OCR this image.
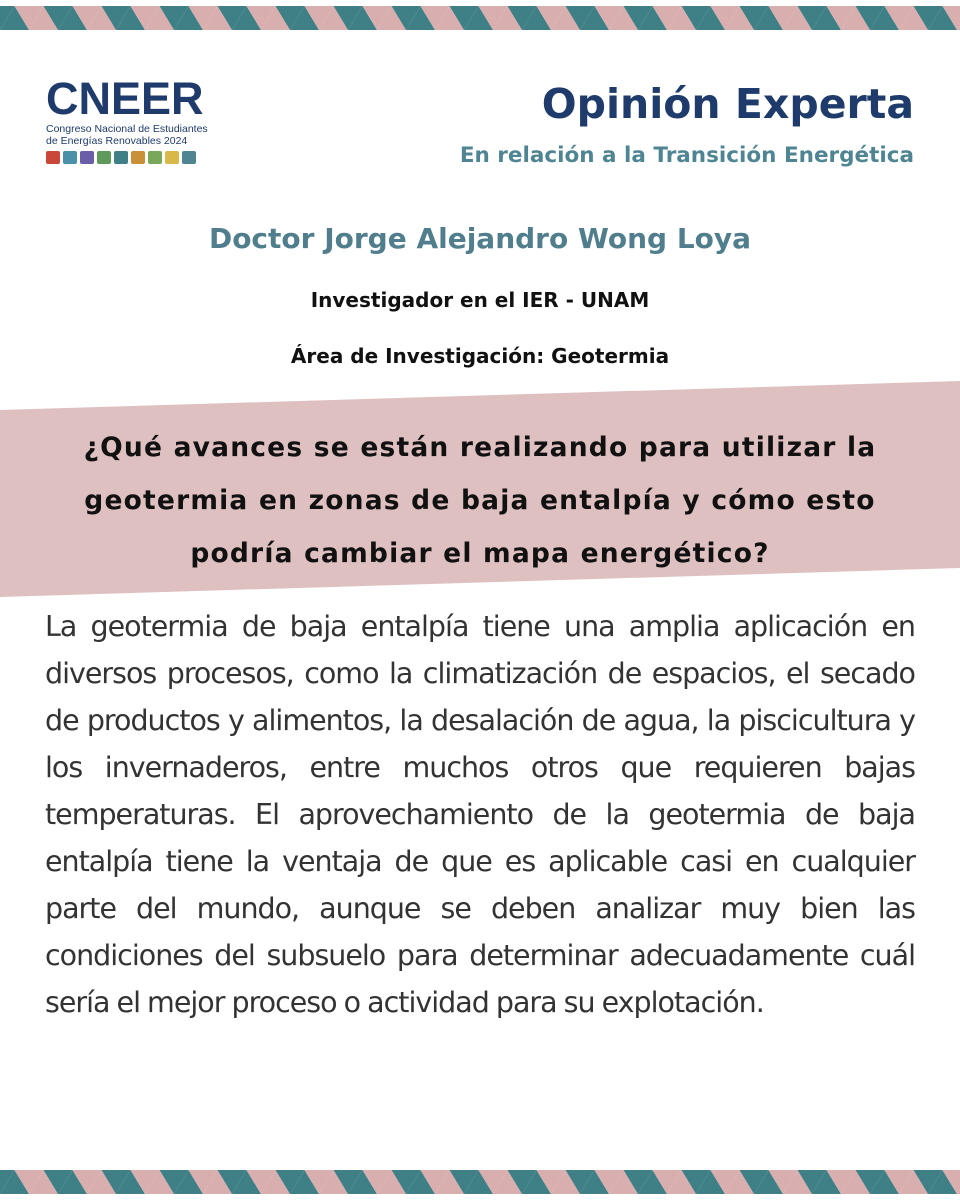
CNEER
Congreso Nacional de Estudiantes de Energías Renovables 2024
Opinión Experta
En relación a la Transición Energética
Doctor Jorge Alejandro Wong Loya
Investigador en el IER - UNAM
Área de Investigación: Geotermia
¿Qué avances se están realizando para utilizar la geotermia en zonas de baja entalpía y cómo esto podría cambiar el mapa energético?
La geotermia de baja entalpía tiene una amplia aplicación en diversos procesos, como la climatización de espacios, el secado de productos y alimentos, la desalación de agua, la piscicultura y los invernaderos, entre muchos otros que requieren bajas temperaturas. El aprovechamiento de la geotermia de baja entalpía tiene la ventaja de que es aplicable casi en cualquier parte del mundo, aunque se deben analizar muy bien las condiciones del subsuelo para determinar adecuadamente cuál sería el mejor proceso o actividad para su explotación.
